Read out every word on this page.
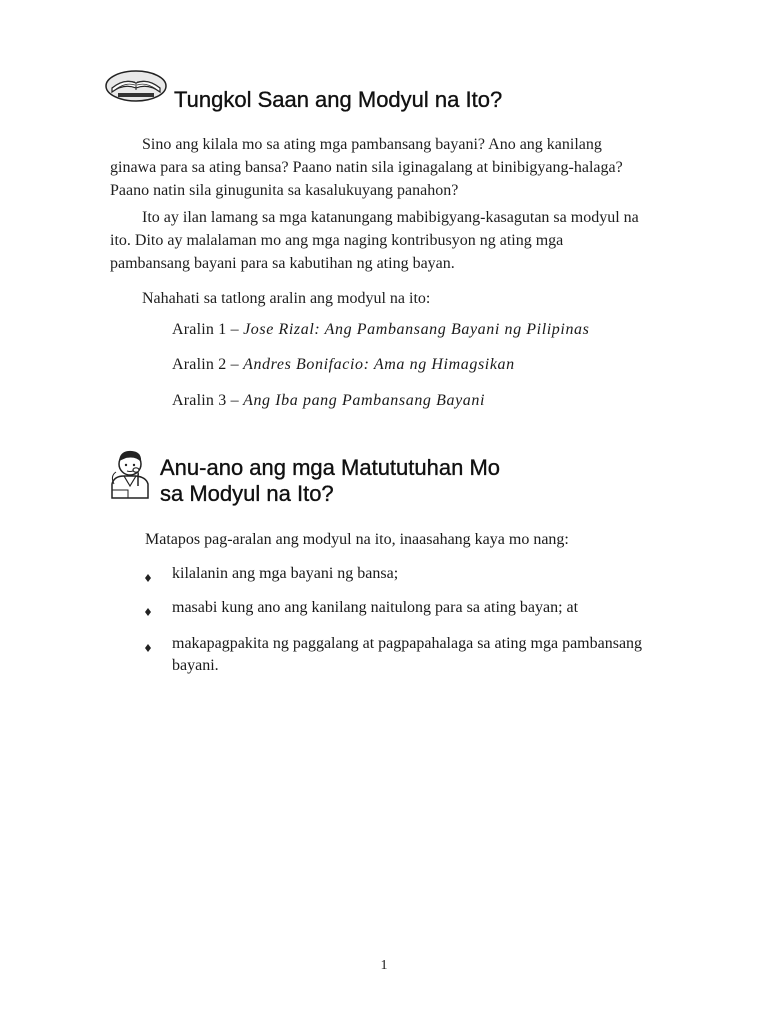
Tungkol Saan ang Modyul na Ito?

Sino ang kilala mo sa ating mga pambansang bayani? Ano ang kanilang ginawa para sa ating bansa? Paano natin sila iginagalang at binibigyang-halaga? Paano natin sila ginugunita sa kasalukuyang panahon?

Ito ay ilan lamang sa mga katanungang mabibigyang-kasagutan sa modyul na ito. Dito ay malalaman mo ang mga naging kontribusyon ng ating mga pambansang bayani para sa kabutihan ng ating bayan.

Nahahati sa tatlong aralin ang modyul na ito:

Aralin 1 – Jose Rizal: Ang Pambansang Bayani ng Pilipinas

Aralin 2 – Andres Bonifacio: Ama ng Himagsikan

Aralin 3 – Ang Iba pang Pambansang Bayani

Anu-ano ang mga Matututuhan Mo
sa Modyul na Ito?

Matapos pag-aralan ang modyul na ito, inaasahang kaya mo nang:

kilalanin ang mga bayani ng bansa;

masabi kung ano ang kanilang naitulong para sa ating bayan; at

makapagpakita ng paggalang at pagpapahalaga sa ating mga pambansang bayani.

1
